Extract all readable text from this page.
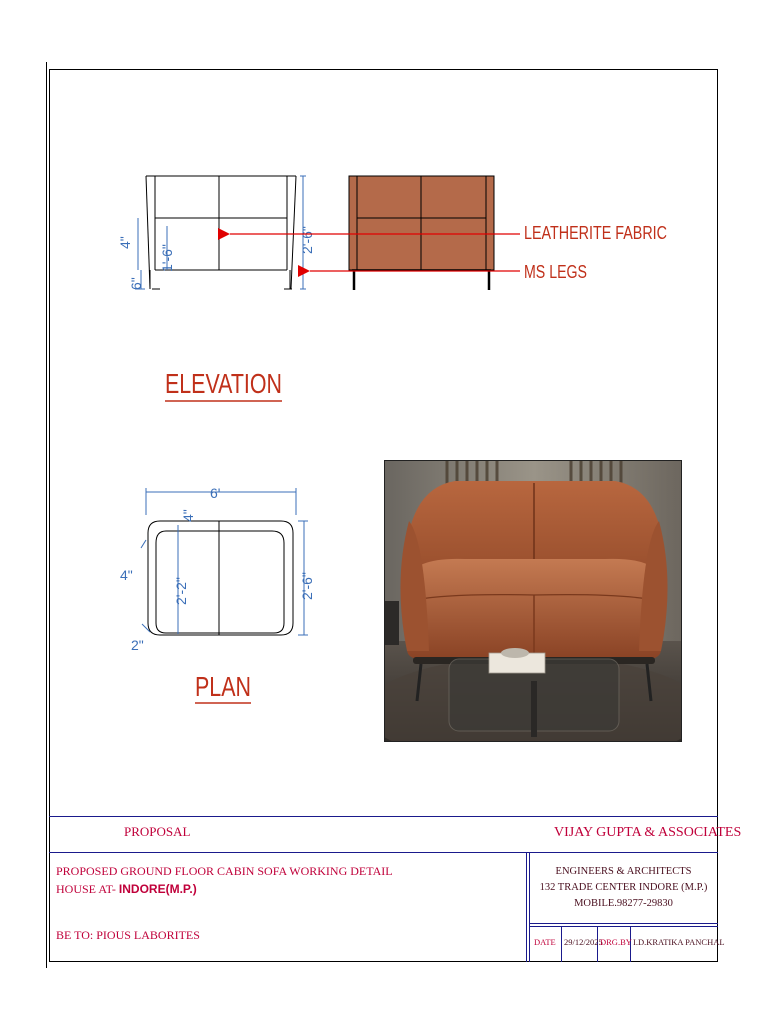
1'-6"
4"
6"
2'-6"	LEATHERITE FABRIC
MS LEGS
ELEVATION
6'
4"
4"
2'-2"	2'-6"
2"
PLAN
PROPOSAL	VIJAY GUPTA & ASSOCIATES
PROPOSED GROUND FLOOR CABIN SOFA WORKING DETAIL
HOUSE AT- INDORE(M.P.)
BE TO: PIOUS LABORITES
ENGINEERS & ARCHITECTS
132 TRADE CENTER INDORE (M.P.)
MOBILE.98277-29830
DATE 29/12/2025
DRG.BY I.D.KRATIKA PANCHAL
